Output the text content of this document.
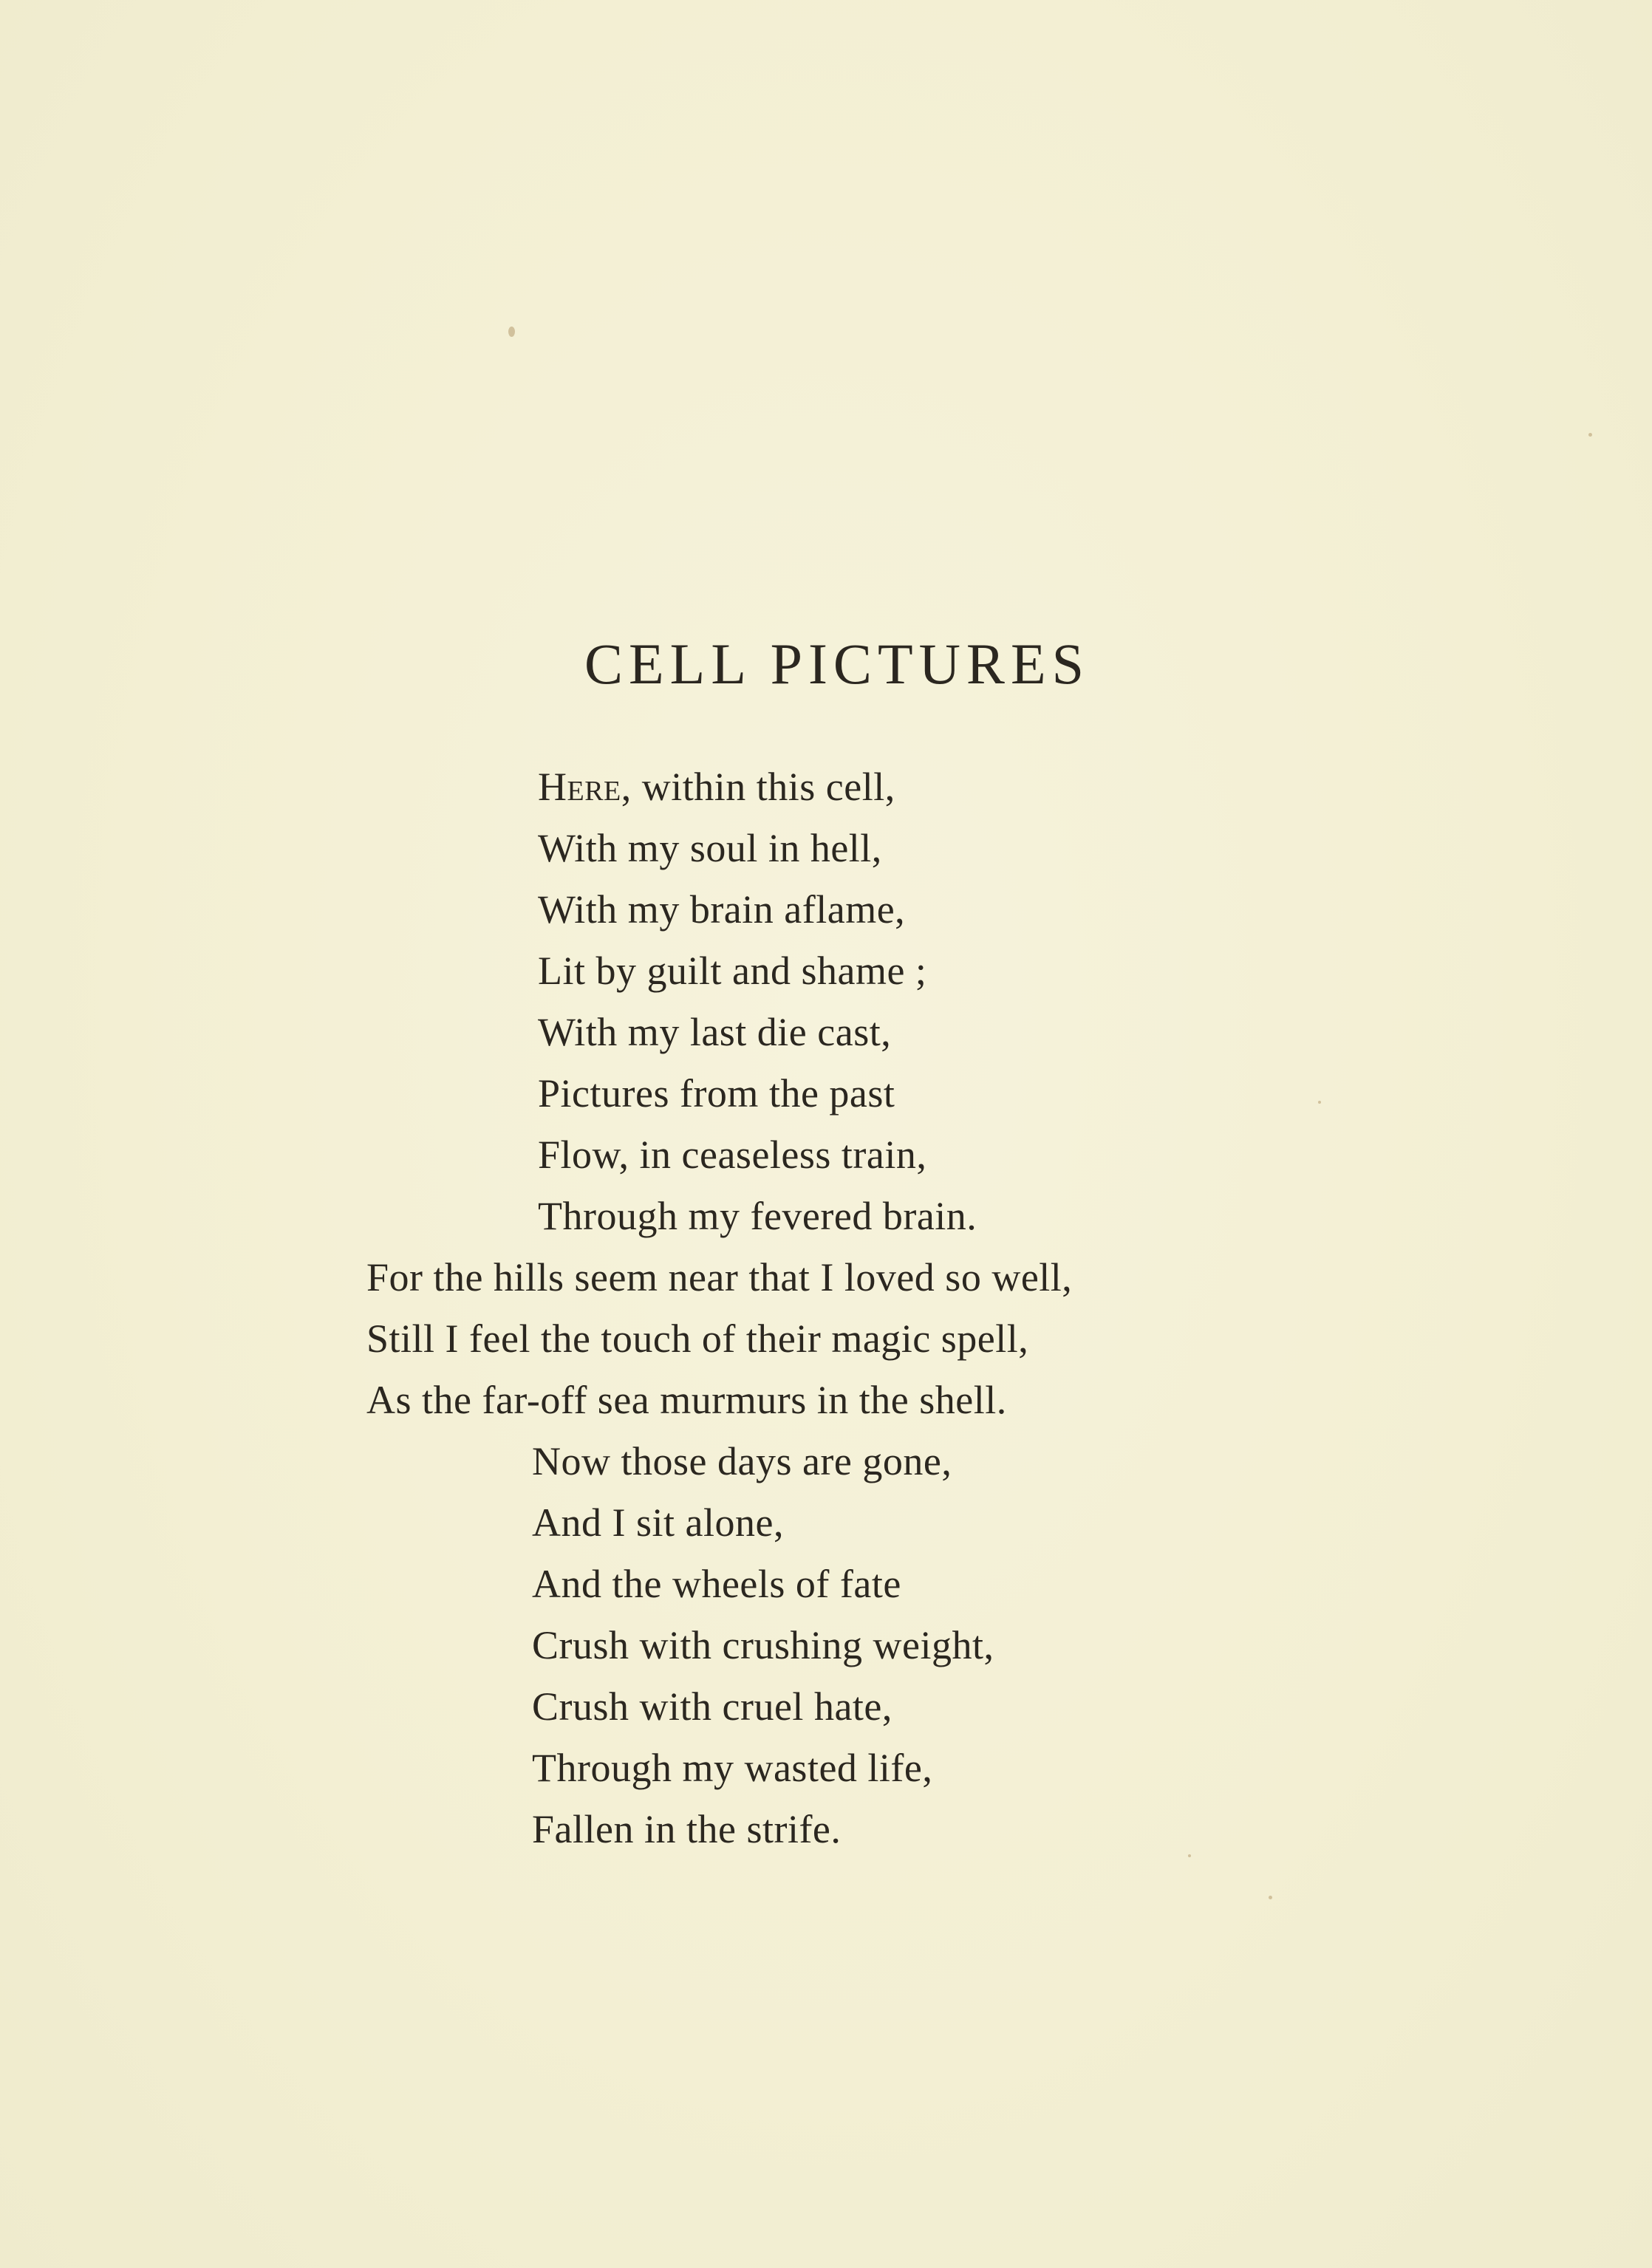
CELL PICTURES
Here, within this cell,
With my soul in hell,
With my brain aflame,
Lit by guilt and shame ;
With my last die cast,
Pictures from the past
Flow, in ceaseless train,
Through my fevered brain.
For the hills seem near that I loved so well,
Still I feel the touch of their magic spell,
As the far-off sea murmurs in the shell.
Now those days are gone,
And I sit alone,
And the wheels of fate
Crush with crushing weight,
Crush with cruel hate,
Through my wasted life,
Fallen in the strife.
